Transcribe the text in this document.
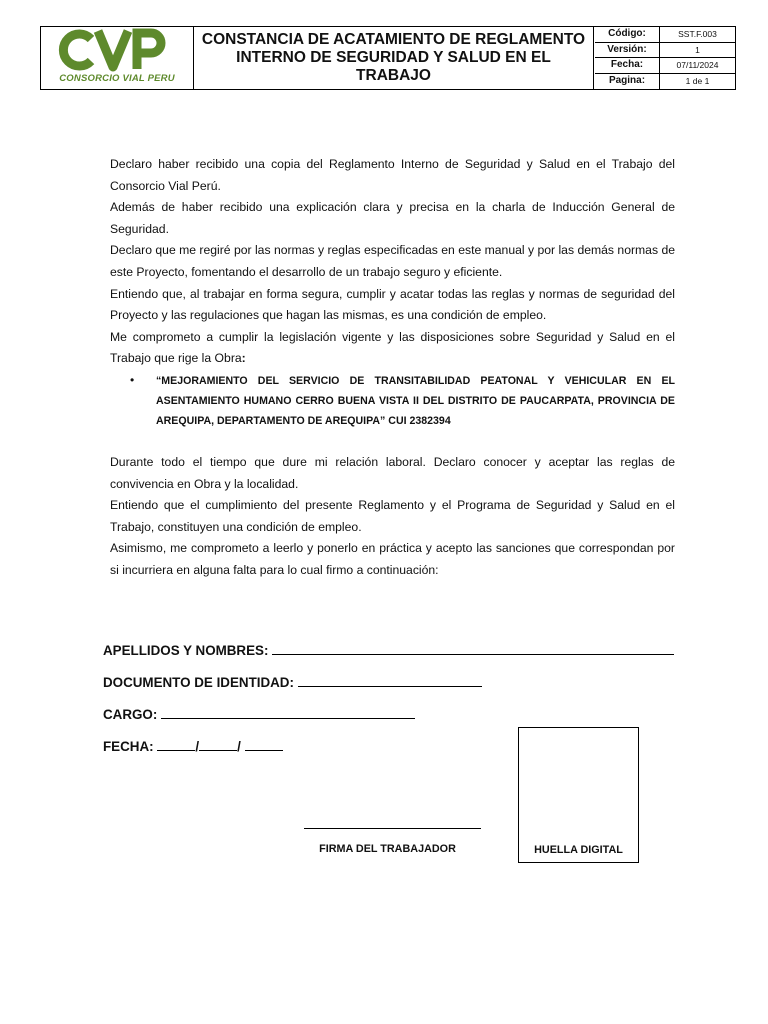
CONSORCIO VIAL PERU
CONSTANCIA DE ACATAMIENTO DE REGLAMENTO
INTERNO DE SEGURIDAD Y SALUD EN EL TRABAJO
Código:	SST.F.003
Versión:	1
Fecha:	07/11/2024
Pagina:	1 de 1

Declaro haber recibido una copia del Reglamento Interno de Seguridad y Salud en el Trabajo del Consorcio Vial Perú.

Además de haber recibido una explicación clara y precisa en la charla de Inducción General de Seguridad.

Declaro que me regiré por las normas y reglas especificadas en este manual y por las demás normas de este Proyecto, fomentando el desarrollo de un trabajo seguro y eficiente.

Entiendo que, al trabajar en forma segura, cumplir y acatar todas las reglas y normas de seguridad del Proyecto y las regulaciones que hagan las mismas, es una condición de empleo.

Me comprometo a cumplir la legislación vigente y las disposiciones sobre Seguridad y Salud en el Trabajo que rige la Obra:

• “MEJORAMIENTO DEL SERVICIO DE TRANSITABILIDAD PEATONAL Y VEHICULAR EN EL ASENTAMIENTO HUMANO CERRO BUENA VISTA II DEL DISTRITO DE PAUCARPATA, PROVINCIA DE AREQUIPA, DEPARTAMENTO DE AREQUIPA” CUI 2382394

Durante todo el tiempo que dure mi relación laboral. Declaro conocer y aceptar las reglas de convivencia en Obra y la localidad.

Entiendo que el cumplimiento del presente Reglamento y el Programa de Seguridad y Salud en el Trabajo, constituyen una condición de empleo.

Asimismo, me comprometo a leerlo y ponerlo en práctica y acepto las sanciones que correspondan por si incurriera en alguna falta para lo cual firmo a continuación:

APELLIDOS Y NOMBRES:
DOCUMENTO DE IDENTIDAD:
CARGO:
FECHA:	/	/
FIRMA DEL TRABAJADOR	HUELLA DIGITAL
